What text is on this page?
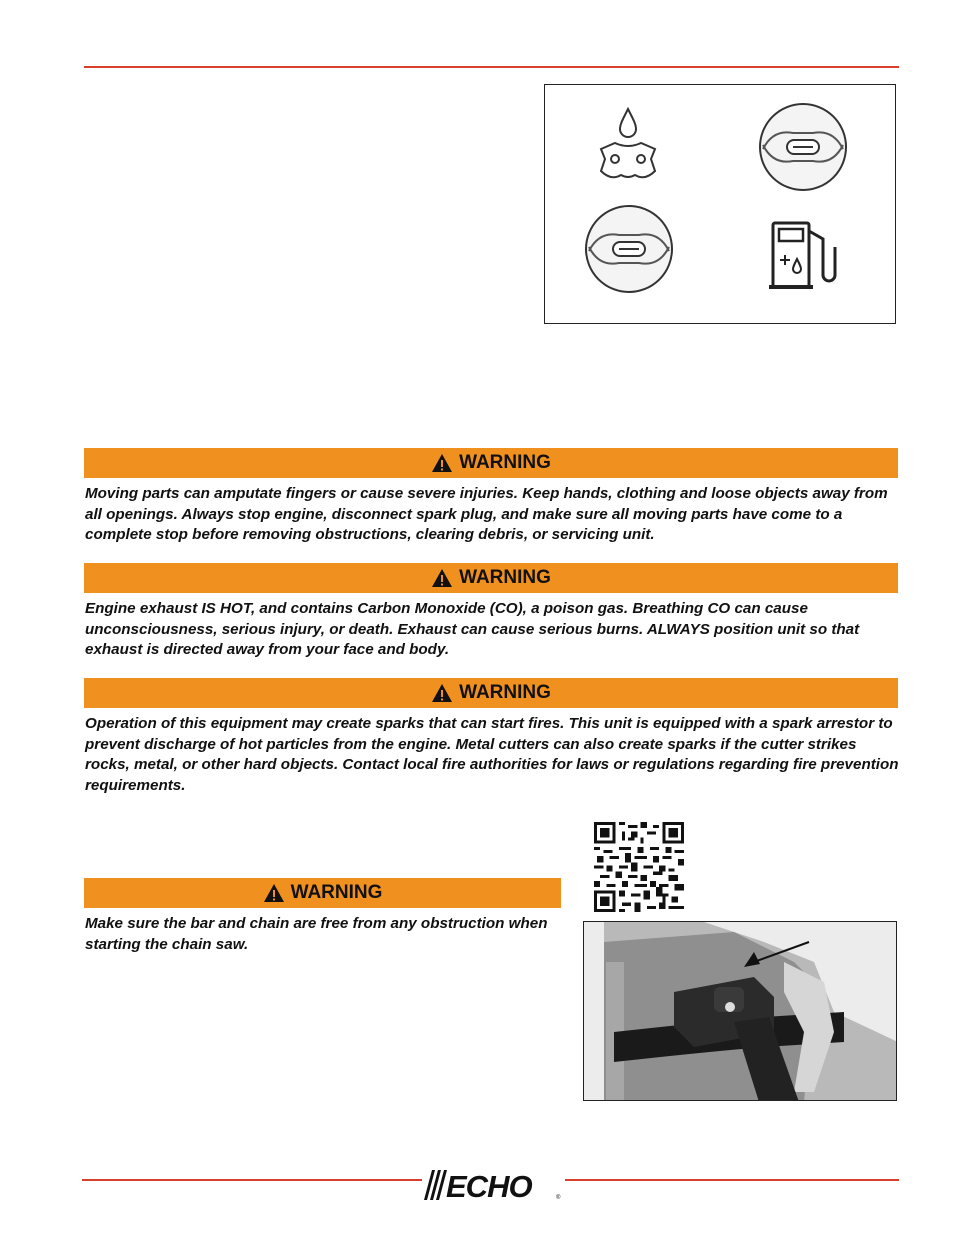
WARNING

Moving parts can amputate fingers or cause severe injuries. Keep hands, clothing and loose objects away from all openings. Always stop engine, disconnect spark plug, and make sure all moving parts have come to a complete stop before removing obstructions, clearing debris, or servicing unit.

WARNING

Engine exhaust IS HOT, and contains Carbon Monoxide (CO), a poison gas. Breathing CO can cause unconsciousness, serious injury, or death. Exhaust can cause serious burns. ALWAYS position unit so that exhaust is directed away from your face and body.

WARNING

Operation of this equipment may create sparks that can start fires. This unit is equipped with a spark arrestor to prevent discharge of hot particles from the engine. Metal cutters can also create sparks if the cutter strikes rocks, metal, or other hard objects. Contact local fire authorities for laws or regulations regarding fire prevention requirements.

WARNING

Make sure the bar and chain are free from any obstruction when starting the chain saw.

ECHO	®
